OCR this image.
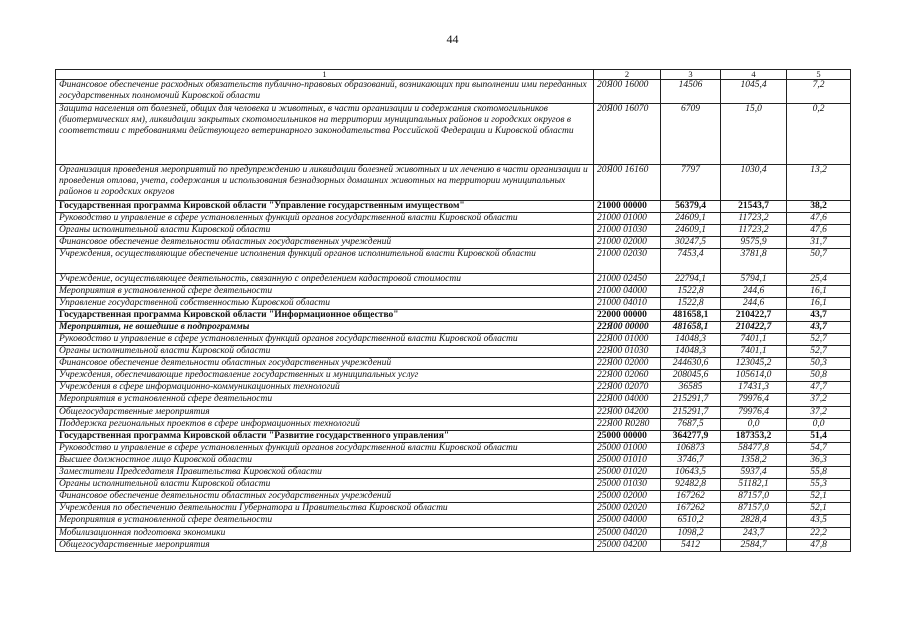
44
1	2	3	4	5
Финансовое обеспечение расходных обязательств публично-правовых образований, возникающих при выполнении ими переданных государственных полномочий Кировской области	20Я00 16000	14506	1045,4	7,2
Защита населения от болезней, общих для человека и животных, в части организации и содержания скотомогильников (биотермических ям), ликвидации закрытых скотомогильников на территории муниципальных районов и городских округов в соответствии с требованиями действующего ветеринарного законодательства Российской Федерации и Кировской области	20Я00 16070	6709	15,0	0,2
Организация проведения мероприятий по предупреждению и ликвидации болезней животных и их лечению в части организации и проведения отлова, учета, содержания и использования безнадзорных домашних животных на территории муниципальных районов и городских округов	20Я00 16160	7797	1030,4	13,2
Государственная программа Кировской области "Управление государственным имуществом"	21000 00000	56379,4	21543,7	38,2
Руководство и управление в сфере установленных функций органов государственной власти Кировской области	21000 01000	24609,1	11723,2	47,6
Органы исполнительной власти Кировской области	21000 01030	24609,1	11723,2	47,6
Финансовое обеспечение деятельности областных государственных учреждений	21000 02000	30247,5	9575,9	31,7
Учреждения, осуществляющие обеспечение исполнения функций органов исполнительной власти Кировской области	21000 02030	7453,4	3781,8	50,7
Учреждение, осуществляющее деятельность, связанную с определением кадастровой стоимости	21000 02450	22794,1	5794,1	25,4
Мероприятия в установленной сфере деятельности	21000 04000	1522,8	244,6	16,1
Управление государственной собственностью Кировской области	21000 04010	1522,8	244,6	16,1
Государственная программа Кировской области "Информационное общество"	22000 00000	481658,1	210422,7	43,7
Мероприятия, не вошедшие в подпрограммы	22Я00 00000	481658,1	210422,7	43,7
Руководство и управление в сфере установленных функций органов государственной власти Кировской области	22Я00 01000	14048,3	7401,1	52,7
Органы исполнительной власти Кировской области	22Я00 01030	14048,3	7401,1	52,7
Финансовое обеспечение деятельности областных государственных учреждений	22Я00 02000	244630,6	123045,2	50,3
Учреждения, обеспечивающие предоставление государственных и муниципальных услуг	22Я00 02060	208045,6	105614,0	50,8
Учреждения в сфере информационно-коммуникационных технологий	22Я00 02070	36585	17431,3	47,7
Мероприятия в установленной сфере деятельности	22Я00 04000	215291,7	79976,4	37,2
Общегосударственные мероприятия	22Я00 04200	215291,7	79976,4	37,2
Поддержка региональных проектов в сфере информационных технологий	22Я00 R0280	7687,5	0,0	0,0
Государственная программа Кировской области "Развитие государственного управления"	25000 00000	364277,9	187353,2	51,4
Руководство и управление в сфере установленных функций органов государственной власти Кировской области	25000 01000	106873	58477,8	54,7
Высшее должностное лицо Кировской области	25000 01010	3746,7	1358,2	36,3
Заместители Председателя Правительства Кировской области	25000 01020	10643,5	5937,4	55,8
Органы исполнительной власти Кировской области	25000 01030	92482,8	51182,1	55,3
Финансовое обеспечение деятельности областных государственных учреждений	25000 02000	167262	87157,0	52,1
Учреждения по обеспечению деятельности Губернатора и Правительства Кировской области	25000 02020	167262	87157,0	52,1
Мероприятия в установленной сфере деятельности	25000 04000	6510,2	2828,4	43,5
Мобилизационная подготовка экономики	25000 04020	1098,2	243,7	22,2
Общегосударственные мероприятия	25000 04200	5412	2584,7	47,8
